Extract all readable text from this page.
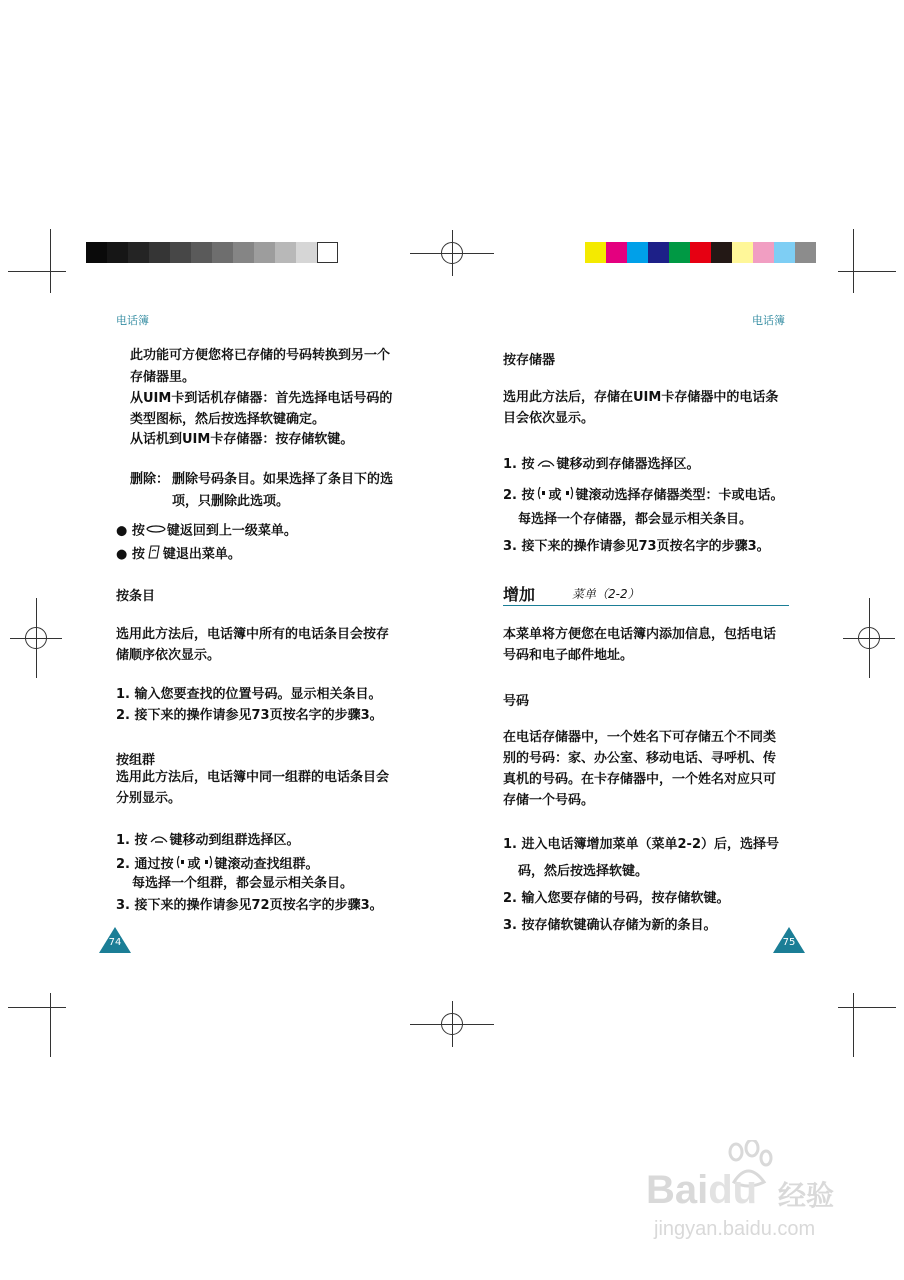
电话簿	电话簿
此功能可方便您将已存储的号码转换到另一个
存储器里。
从UIM卡到话机存储器：首先选择电话号码的
类型图标，然后按选择软键确定。
从话机到UIM卡存储器：按存储软键。
删除： 删除号码条目。如果选择了条目下的选
项，只删除此选项。
● 按 键返回到上一级菜单。
● 按 键退出菜单。
按条目
选用此方法后，电话簿中所有的电话条目会按存
储顺序依次显示。
1. 输入您要查找的位置号码。显示相关条目。
2. 接下来的操作请参见73页按名字的步骤3。
按组群
选用此方法后，电话簿中同一组群的电话条目会
分别显示。
1. 按 键移动到组群选择区。
2. 通过按 或 键滚动查找组群。
每选择一个组群，都会显示相关条目。
3. 接下来的操作请参见72页按名字的步骤3。
74
按存储器
选用此方法后，存储在UIM卡存储器中的电话条
目会依次显示。
1. 按 键移动到存储器选择区。
2. 按 或 键滚动选择存储器类型：卡或电话。
每选择一个存储器，都会显示相关条目。
3. 接下来的操作请参见73页按名字的步骤3。
增加	菜单（2-2）
本菜单将方便您在电话簿内添加信息，包括电话
号码和电子邮件地址。
号码
在电话存储器中，一个姓名下可存储五个不同类
别的号码：家、办公室、移动电话、寻呼机、传
真机的号码。在卡存储器中，一个姓名对应只可
存储一个号码。
1. 进入电话簿增加菜单（菜单2-2）后，选择号
码，然后按选择软键。
2. 输入您要存储的号码，按存储软键。
3. 按存储软键确认存储为新的条目。
75
Baidu 经验
jingyan.baidu.com
